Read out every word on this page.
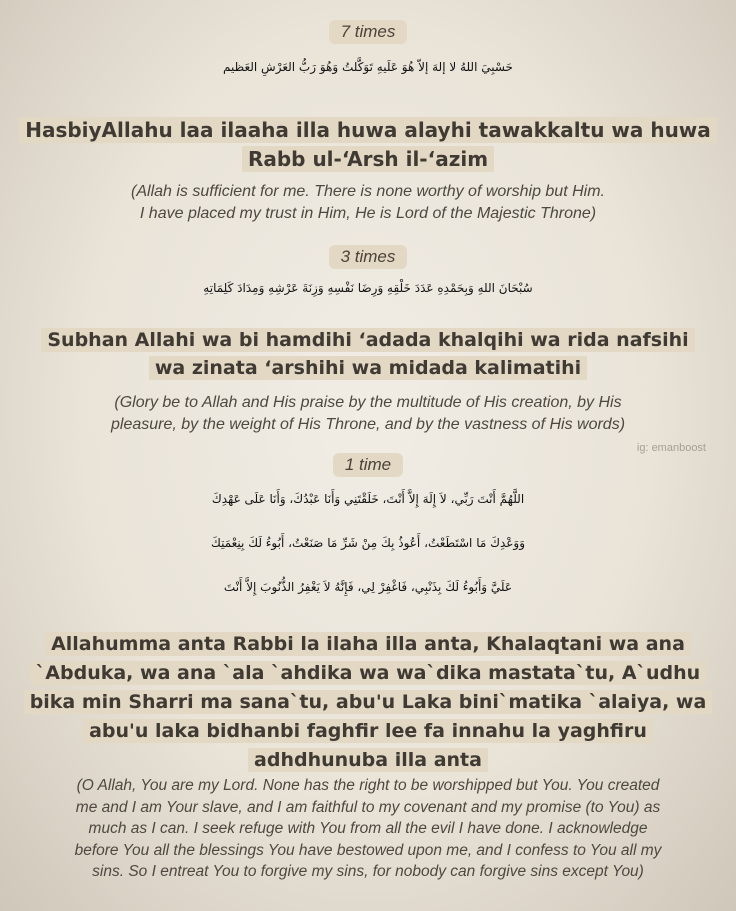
7 times
حَسْبِيَ اللهُ لا إلهَ إلاّ هُوَ عَلَيهِ تَوَكَّلتُ وَهُوَ رَبُّ العَرْشِ العَظيم
HasbiyAllahu laa ilaaha illa huwa alayhi tawakkaltu wa huwa
Rabb ul-‘Arsh il-‘azim
(Allah is sufficient for me. There is none worthy of worship but Him.
I have placed my trust in Him, He is Lord of the Majestic Throne)
3 times
سُبْحَانَ اللهِ وَبِحَمْدِهِ عَدَدَ خَلْقِهِ وَرِضَا نَفْسِهِ وَزِنَةَ عَرْشِهِ وَمِدَادَ كَلِمَاتِهِ
Subhan Allahi wa bi hamdihi ‘adada khalqihi wa rida nafsihi
wa zinata ‘arshihi wa midada kalimatihi
(Glory be to Allah and His praise by the multitude of His creation, by His
pleasure, by the weight of His Throne, and by the vastness of His words)
ig: emanboost
1 time
اللَّهُمَّ أَنْتَ رَبِّي، لاَ إِلَهَ إِلاَّ أَنْتَ، خَلَقْتَنِي وَأَنَا عَبْدُكَ، وَأَنَا عَلَى عَهْدِكَ
وَوَعْدِكَ مَا اسْتَطَعْتُ، أَعُوذُ بِكَ مِنْ شَرِّ مَا صَنَعْتُ، أَبُوءُ لَكَ بِنِعْمَتِكَ
عَلَيَّ وَأَبُوءُ لَكَ بِذَنْبِي، فَاغْفِرْ لِي، فَإِنَّهُ لاَ يَغْفِرُ الذُّنُوبَ إِلاَّ أَنْتَ
Allahumma anta Rabbi la ilaha illa anta, Khalaqtani wa ana
`Abduka, wa ana `ala `ahdika wa wa`dika mastata`tu, A`udhu
bika min Sharri ma sana`tu, abu'u Laka bini`matika `alaiya, wa
abu'u laka bidhanbi faghfir lee fa innahu la yaghfiru
adhdhunuba illa anta
(O Allah, You are my Lord. None has the right to be worshipped but You. You created
me and I am Your slave, and I am faithful to my covenant and my promise (to You) as
much as I can. I seek refuge with You from all the evil I have done. I acknowledge
before You all the blessings You have bestowed upon me, and I confess to You all my
sins. So I entreat You to forgive my sins, for nobody can forgive sins except You)
